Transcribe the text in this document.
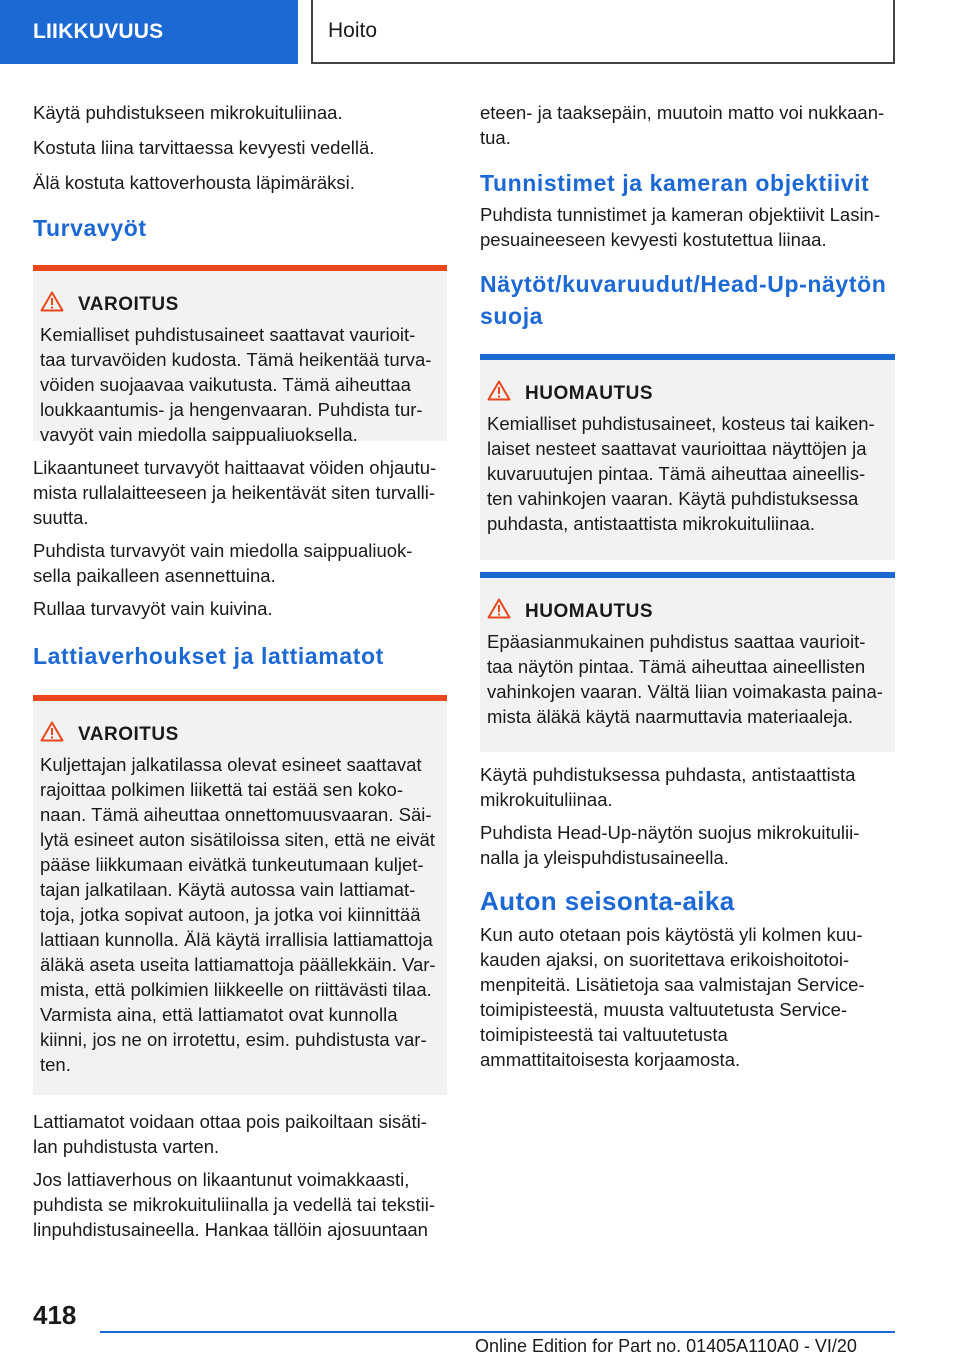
LIIKKUVUUS	Hoito

Käytä puhdistukseen mikrokuituliinaa.

Kostuta liina tarvittaessa kevyesti vedellä.

Älä kostuta kattoverhousta läpimäräksi.

Turvavyöt
VAROITUS
Kemialliset puhdistusaineet saattavat vaurioit-
taa turvavöiden kudosta. Tämä heikentää turva-
vöiden suojaavaa vaikutusta. Tämä aiheuttaa
loukkaantumis- ja hengenvaaran. Puhdista tur-
vavyöt vain miedolla saippualiuoksella.

Likaantuneet turvavyöt haittaavat vöiden ohjautu-
mista rullalaitteeseen ja heikentävät siten turvalli-
suutta.

Puhdista turvavyöt vain miedolla saippualiuok-
sella paikalleen asennettuina.

Rullaa turvavyöt vain kuivina.

Lattiaverhoukset ja lattiamatot
VAROITUS
Kuljettajan jalkatilassa olevat esineet saattavat
rajoittaa polkimen liikettä tai estää sen koko-
naan. Tämä aiheuttaa onnettomuusvaaran. Säi-
lytä esineet auton sisätiloissa siten, että ne eivät
pääse liikkumaan eivätkä tunkeutumaan kuljet-
tajan jalkatilaan. Käytä autossa vain lattiamat-
toja, jotka sopivat autoon, ja jotka voi kiinnittää
lattiaan kunnolla. Älä käytä irrallisia lattiamattoja
äläkä aseta useita lattiamattoja päällekkäin. Var-
mista, että polkimien liikkeelle on riittävästi tilaa.
Varmista aina, että lattiamatot ovat kunnolla
kiinni, jos ne on irrotettu, esim. puhdistusta var-
ten.

Lattiamatot voidaan ottaa pois paikoiltaan sisäti-
lan puhdistusta varten.

Jos lattiaverhous on likaantunut voimakkaasti,
puhdista se mikrokuituliinalla ja vedellä tai tekstii-
linpuhdistusaineella. Hankaa tällöin ajosuuntaan

eteen- ja taaksepäin, muutoin matto voi nukkaan-
tua.

Tunnistimet ja kameran objektiivit

Puhdista tunnistimet ja kameran objektiivit Lasin-
pesuaineeseen kevyesti kostutettua liinaa.

Näytöt/kuvaruudut/Head-Up-näytön
suoja
HUOMAUTUS
Kemialliset puhdistusaineet, kosteus tai kaiken-
laiset nesteet saattavat vaurioittaa näyttöjen ja
kuvaruutujen pintaa. Tämä aiheuttaa aineellis-
ten vahinkojen vaaran. Käytä puhdistuksessa
puhdasta, antistaattista mikrokuituliinaa.
HUOMAUTUS
Epäasianmukainen puhdistus saattaa vaurioit-
taa näytön pintaa. Tämä aiheuttaa aineellisten
vahinkojen vaaran. Vältä liian voimakasta paina-
mista äläkä käytä naarmuttavia materiaaleja.

Käytä puhdistuksessa puhdasta, antistaattista
mikrokuituliinaa.

Puhdista Head-Up-näytön suojus mikrokuitulii-
nalla ja yleispuhdistusaineella.

Auton seisonta-aika

Kun auto otetaan pois käytöstä yli kolmen kuu-
kauden ajaksi, on suoritettava erikoishoitotoi-
menpiteitä. Lisätietoja saa valmistajan Service-
toimipisteestä, muusta valtuutetusta Service-
toimipisteestä tai valtuutetusta
ammattitaitoisesta korjaamosta.

418
Online Edition for Part no. 01405A110A0 - VI/20
